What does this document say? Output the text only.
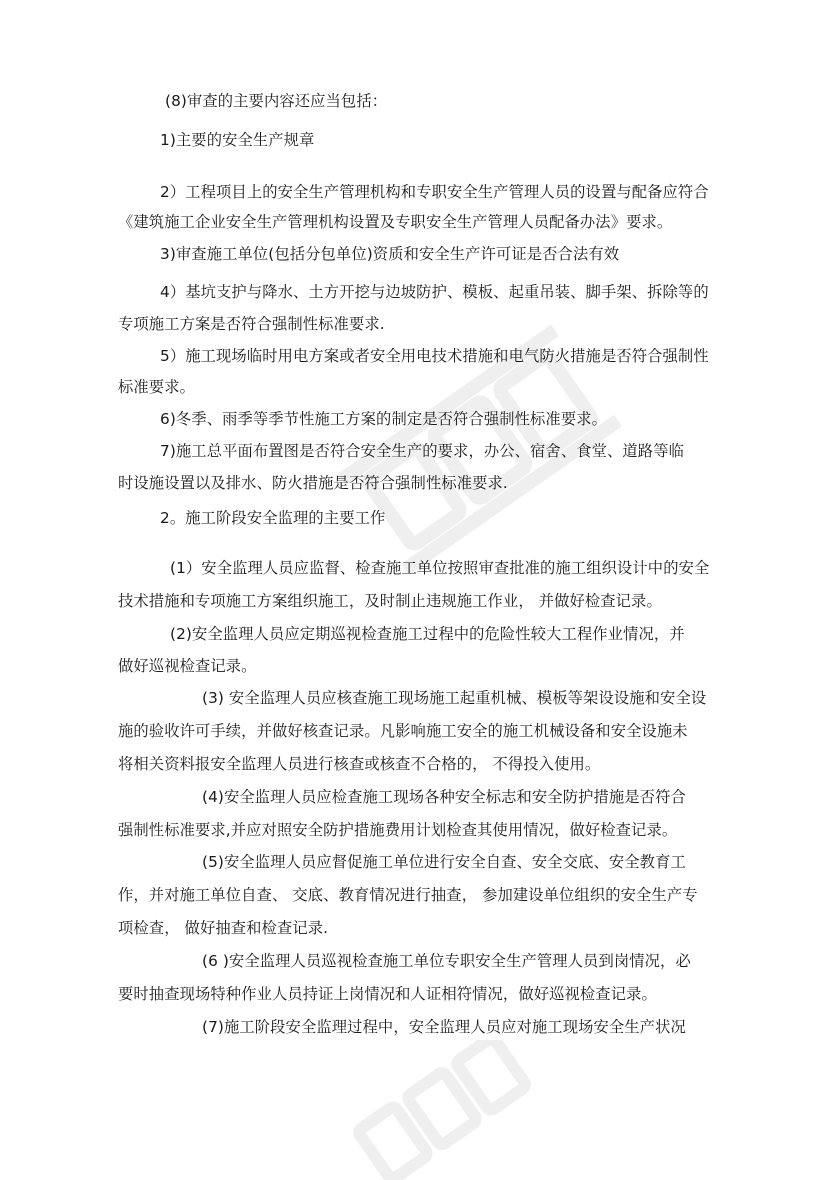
(8)审查的主要内容还应当包括：
1)主要的安全生产规章
2）工程项目上的安全生产管理机构和专职安全生产管理人员的设置与配备应符合
《建筑施工企业安全生产管理机构设置及专职安全生产管理人员配备办法》要求。
3)审查施工单位(包括分包单位)资质和安全生产许可证是否合法有效
4）基坑支护与降水、土方开挖与边坡防护、模板、起重吊装、脚手架、拆除等的
专项施工方案是否符合强制性标准要求.
5）施工现场临时用电方案或者安全用电技术措施和电气防火措施是否符合强制性
标准要求。
6)冬季、雨季等季节性施工方案的制定是否符合强制性标准要求。
7)施工总平面布置图是否符合安全生产的要求，办公、宿舍、食堂、道路等临
时设施设置以及排水、防火措施是否符合强制性标准要求.
2。施工阶段安全监理的主要工作
(1）安全监理人员应监督、检查施工单位按照审查批准的施工组织设计中的安全
技术措施和专项施工方案组织施工，及时制止违规施工作业， 并做好检查记录。
(2)安全监理人员应定期巡视检查施工过程中的危险性较大工程作业情况，并
做好巡视检查记录。
(3) 安全监理人员应核查施工现场施工起重机械、模板等架设设施和安全设
施的验收许可手续，并做好核查记录。凡影响施工安全的施工机械设备和安全设施未
将相关资料报安全监理人员进行核查或核查不合格的， 不得投入使用。
(4)安全监理人员应检查施工现场各种安全标志和安全防护措施是否符合
强制性标准要求,并应对照安全防护措施费用计划检查其使用情况，做好检查记录。
(5)安全监理人员应督促施工单位进行安全自查、安全交底、安全教育工
作，并对施工单位自查、 交底、教育情况进行抽查， 参加建设单位组织的安全生产专
项检查， 做好抽查和检查记录.
(6 )安全监理人员巡视检查施工单位专职安全生产管理人员到岗情况，必
要时抽查现场特种作业人员持证上岗情况和人证相符情况，做好巡视检查记录。
(7)施工阶段安全监理过程中，安全监理人员应对施工现场安全生产状况
